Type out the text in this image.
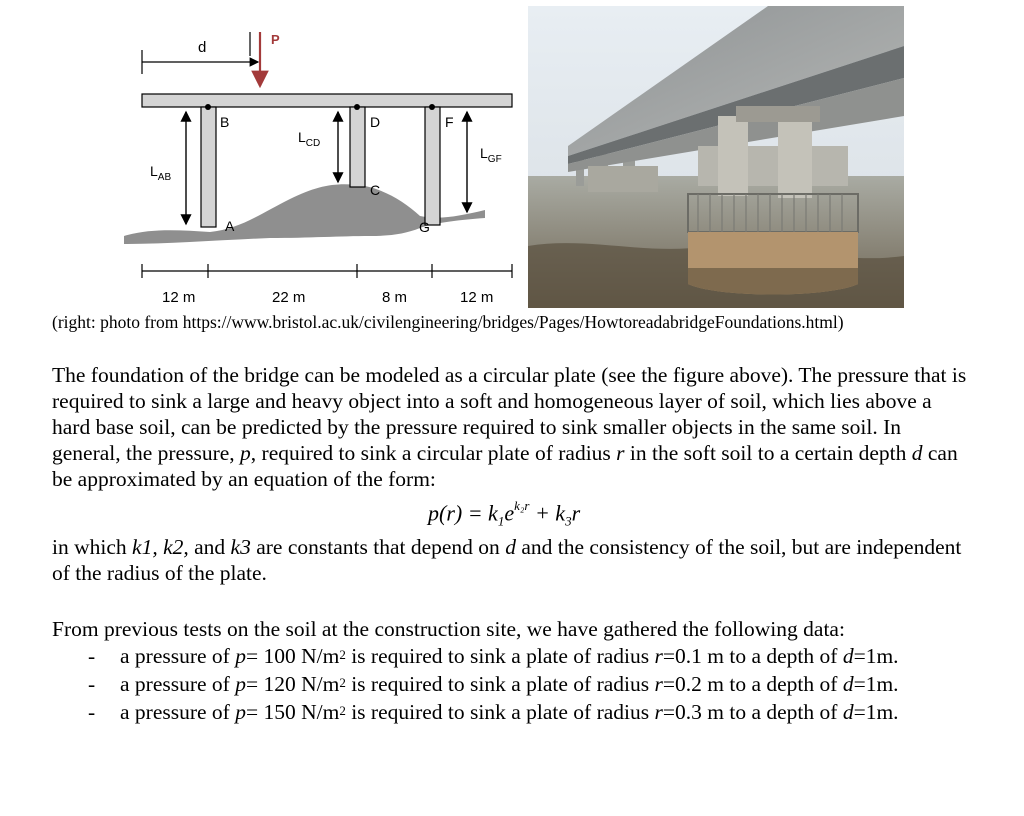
d	P
B	D	F
$L_{AB}$
$L_{CD}$
$L_{GF}$
C
A	G
12 m	22 m	8 m	12 m
(right: photo from https://www.bristol.ac.uk/civilengineering/bridges/Pages/HowtoreadabridgeFoundations.html)
The foundation of the bridge can be modeled as a circular plate (see the figure above). The pressure that is required to sink a large and heavy object into a soft and homogeneous layer of soil, which lies above a hard base soil, can be predicted by the pressure required to sink smaller objects in the same soil. In general, the pressure, p, required to sink a circular plate of radius r in the soft soil to a certain depth d can be approximated by an equation of the form:
$p(r) = k_1e^{k_2r} + k_3r$
in which k1, k2, and k3 are constants that depend on d and the consistency of the soil, but are independent of the radius of the plate.
From previous tests on the soil at the construction site, we have gathered the following data:
- a pressure of p= 100 $N/m^2$ is required to sink a plate of radius r=0.1 m to a depth of d=1m.
- a pressure of p= 120 $N/m^2$ is required to sink a plate of radius r=0.2 m to a depth of d=1m.
- a pressure of p= 150 $N/m^2$ is required to sink a plate of radius r=0.3 m to a depth of d=1m.
